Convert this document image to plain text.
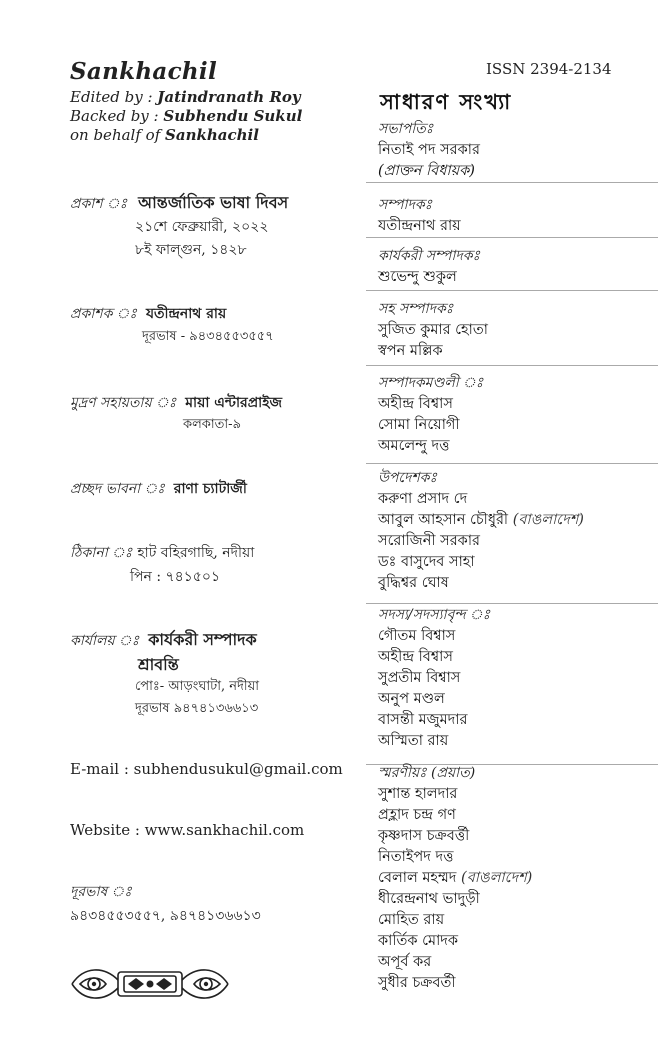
Sankhachil
Edited by : Jatindranath Roy
Backed by : Subhendu Sukul
on behalf of Sankhachil
ISSN 2394-2134
সাধারণ সংখ্যা
প্রকাশ ঃ আন্তর্জাতিক ভাষা দিবস
২১শে ফেব্রুয়ারী, ২০২২
৮ই ফাল্গুন, ১৪২৮
প্রকাশক ঃ যতীন্দ্রনাথ রায়
দূরভাষ - ৯৪৩৪৫৫৩৫৫৭
মুদ্রণ সহায়তায় ঃ মায়া এন্টারপ্রাইজ
কলকাতা-৯
প্রচ্ছদ ভাবনা ঃ রাণা চ্যাটার্জী
ঠিকানা ঃ হাট বহিরগাছি, নদীয়া
পিন : ৭৪১৫০১
কার্যালয় ঃ কার্যকরী সম্পাদক
শ্রাবন্তি
পোঃ- আড়ংঘাটা, নদীয়া
দূরভাষ ৯৪৭৪১৩৬৬১৩
E-mail : subhendusukul@gmail.com
Website : www.sankhachil.com
দূরভাষ ঃ
৯৪৩৪৫৫৩৫৫৭, ৯৪৭৪১৩৬৬১৩
সভাপতিঃ
নিতাই পদ সরকার
(প্রাক্তন বিধায়ক)
সম্পাদকঃ
যতীন্দ্রনাথ রায়
কার্যকরী সম্পাদকঃ
শুভেন্দু শুকুল
সহ সম্পাদকঃ
সুজিত কুমার হোতা
স্বপন মল্লিক
সম্পাদকমণ্ডলী ঃ
অহীন্দ্র বিশ্বাস
সোমা নিয়োগী
অমলেন্দু দত্ত
উপদেশকঃ
করুণা প্রসাদ দে
আবুল আহসান চৌধুরী (বাঙলাদেশ)
সরোজিনী সরকার
ডঃ বাসুদেব সাহা
বুদ্ধিশ্বর ঘোষ
সদস্য/সদস্যাবৃন্দ ঃ
গৌতম বিশ্বাস
অহীন্দ্র বিশ্বাস
সুপ্রতীম বিশ্বাস
অনুপ মণ্ডল
বাসন্তী মজুমদার
অস্মিতা রায়
স্মরণীয়ঃ (প্রয়াত)
সুশান্ত হালদার
প্রহ্লাদ চন্দ্র গণ
কৃষ্ণদাস চক্রবর্ত্তী
নিতাইপদ দত্ত
বেলাল মহম্মদ (বাঙলাদেশ)
ধীরেন্দ্রনাথ ভাদুড়ী
মোহিত রায়
কার্তিক মোদক
অপূর্ব কর
সুধীর চক্রবর্তী
